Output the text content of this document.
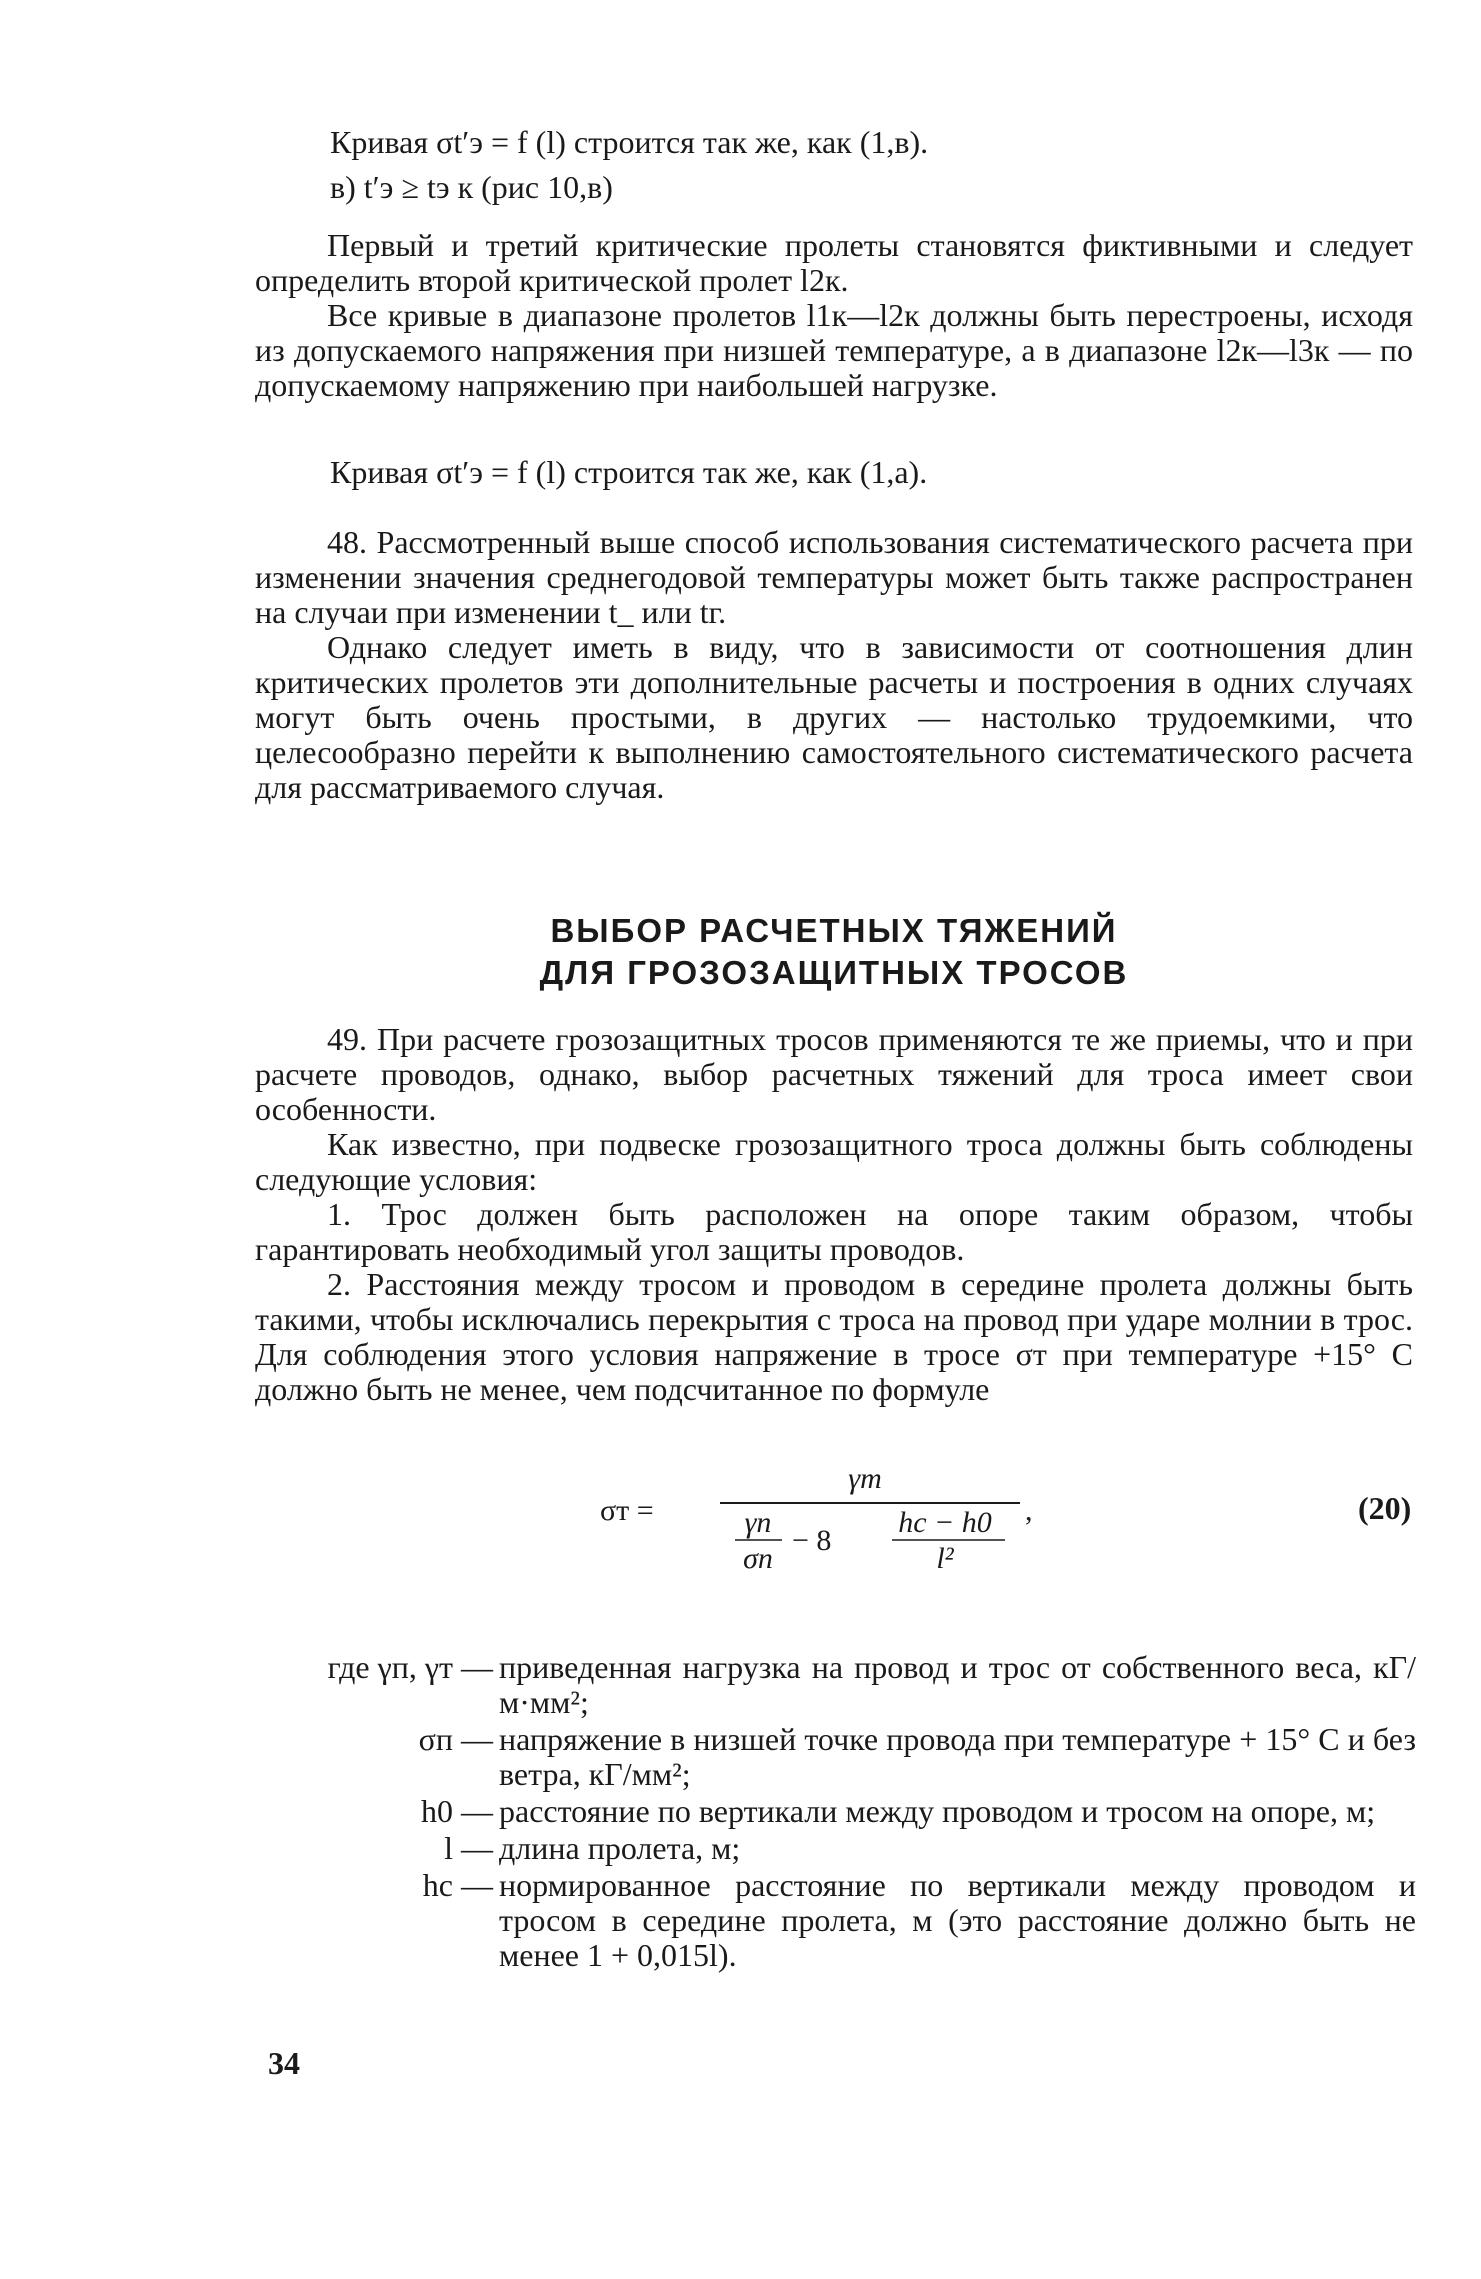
Кривая σt′э = f (l) строится так же, как (1,в).
в) t′э ≥ tэ к (рис 10,в)

Первый и третий критические пролеты становятся фиктивными и следует определить второй критической пролет l2к.

Все кривые в диапазоне пролетов l1к—l2к должны быть перестроены, исходя из допускаемого напряжения при низшей температуре, а в диапазоне l2к—l3к — по допускаемому напряжению при наибольшей нагрузке.

Кривая σt′э = f (l) строится так же, как (1,а).

48. Рассмотренный выше способ использования систематического расчета при изменении значения среднегодовой температуры может быть также распространен на случаи при изменении t_ или tг.

Однако следует иметь в виду, что в зависимости от соотношения длин критических пролетов эти дополнительные расчеты и построения в одних случаях могут быть очень простыми, в других — настолько трудоемкими, что целесообразно перейти к выполнению самостоятельного систематического расчета для рассматриваемого случая.

ВЫБОР РАСЧЕТНЫХ ТЯЖЕНИЙ
ДЛЯ ГРОЗОЗАЩИТНЫХ ТРОСОВ

49. При расчете грозозащитных тросов применяются те же приемы, что и при расчете проводов, однако, выбор расчетных тяжений для троса имеет свои особенности.

Как известно, при подвеске грозозащитного троса должны быть соблюдены следующие условия:

1. Трос должен быть расположен на опоре таким образом, чтобы гарантировать необходимый угол защиты проводов.

2. Расстояния между тросом и проводом в середине пролета должны быть такими, чтобы исключались перекрытия с троса на провод при ударе молнии в трос. Для соблюдения этого условия напряжение в тросе σт при температуре +15° С должно быть не менее, чем подсчитанное по формуле

σт =
γт
γп
σп
− 8
hc − h0
l²
,	(20)
где γп, γт — приведенная нагрузка на провод и трос от собственного веса, кГ/м·мм²;
σп — напряжение в низшей точке провода при температуре + 15° С и без ветра, кГ/мм²;
h0 — расстояние по вертикали между проводом и тросом на опоре, м;
l — длина пролета, м;
hc — нормированное расстояние по вертикали между проводом и тросом в середине пролета, м (это расстояние должно быть не менее 1 + 0,015l).
34
